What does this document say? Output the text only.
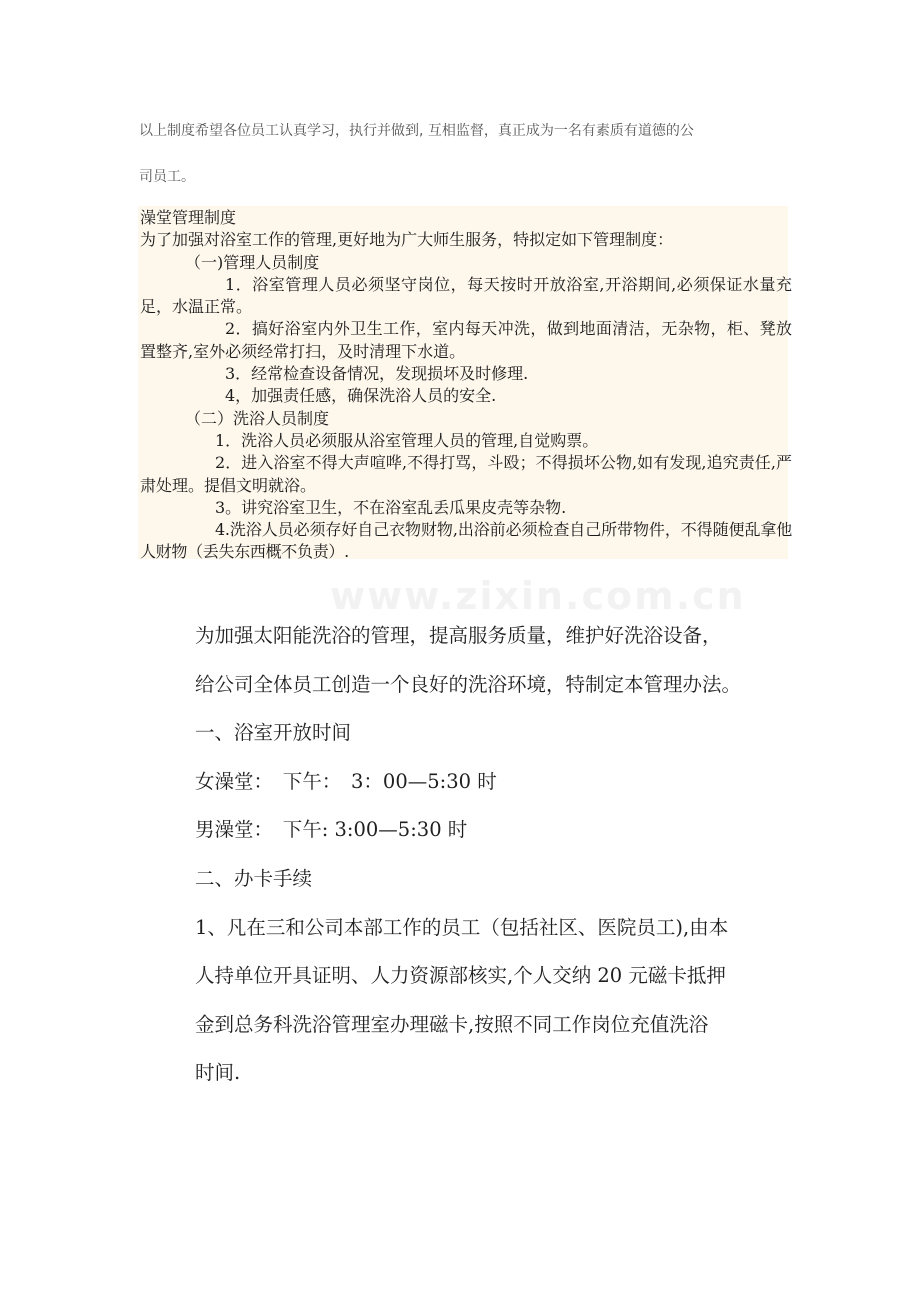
以上制度希望各位员工认真学习，执行并做到, 互相监督，真正成为一名有素质有道德的公

司员工。

澡堂管理制度
为了加强对浴室工作的管理,更好地为广大师生服务，特拟定如下管理制度：
（一)管理人员制度
1．浴室管理人员必须坚守岗位，每天按时开放浴室,开浴期间,必须保证水量充足，水温正常。
2．搞好浴室内外卫生工作，室内每天冲洗，做到地面清洁，无杂物，柜、凳放置整齐,室外必须经常打扫，及时清理下水道。
3．经常检查设备情况，发现损坏及时修理.
4，加强责任感，确保洗浴人员的安全.
（二）洗浴人员制度
1．洗浴人员必须服从浴室管理人员的管理,自觉购票。
2．进入浴室不得大声喧哗,不得打骂，斗殴；不得损坏公物,如有发现,追究责任,严肃处理。提倡文明就浴。
3。讲究浴室卫生，不在浴室乱丢瓜果皮壳等杂物.
4.洗浴人员必须存好自己衣物财物,出浴前必须检查自己所带物件，不得随便乱拿他人财物（丢失东西概不负责）.
www.zixin.com.cn
为加强太阳能洗浴的管理，提高服务质量，维护好洗浴设备，
给公司全体员工创造一个良好的洗浴环境，特制定本管理办法。
一、浴室开放时间
女澡堂：　下午：　3：00—5:30 时
男澡堂：　下午: 3:00—5:30 时
二、办卡手续
1、凡在三和公司本部工作的员工（包括社区、医院员工),由本
人持单位开具证明、人力资源部核实,个人交纳 20 元磁卡抵押
金到总务科洗浴管理室办理磁卡,按照不同工作岗位充值洗浴
时间.
